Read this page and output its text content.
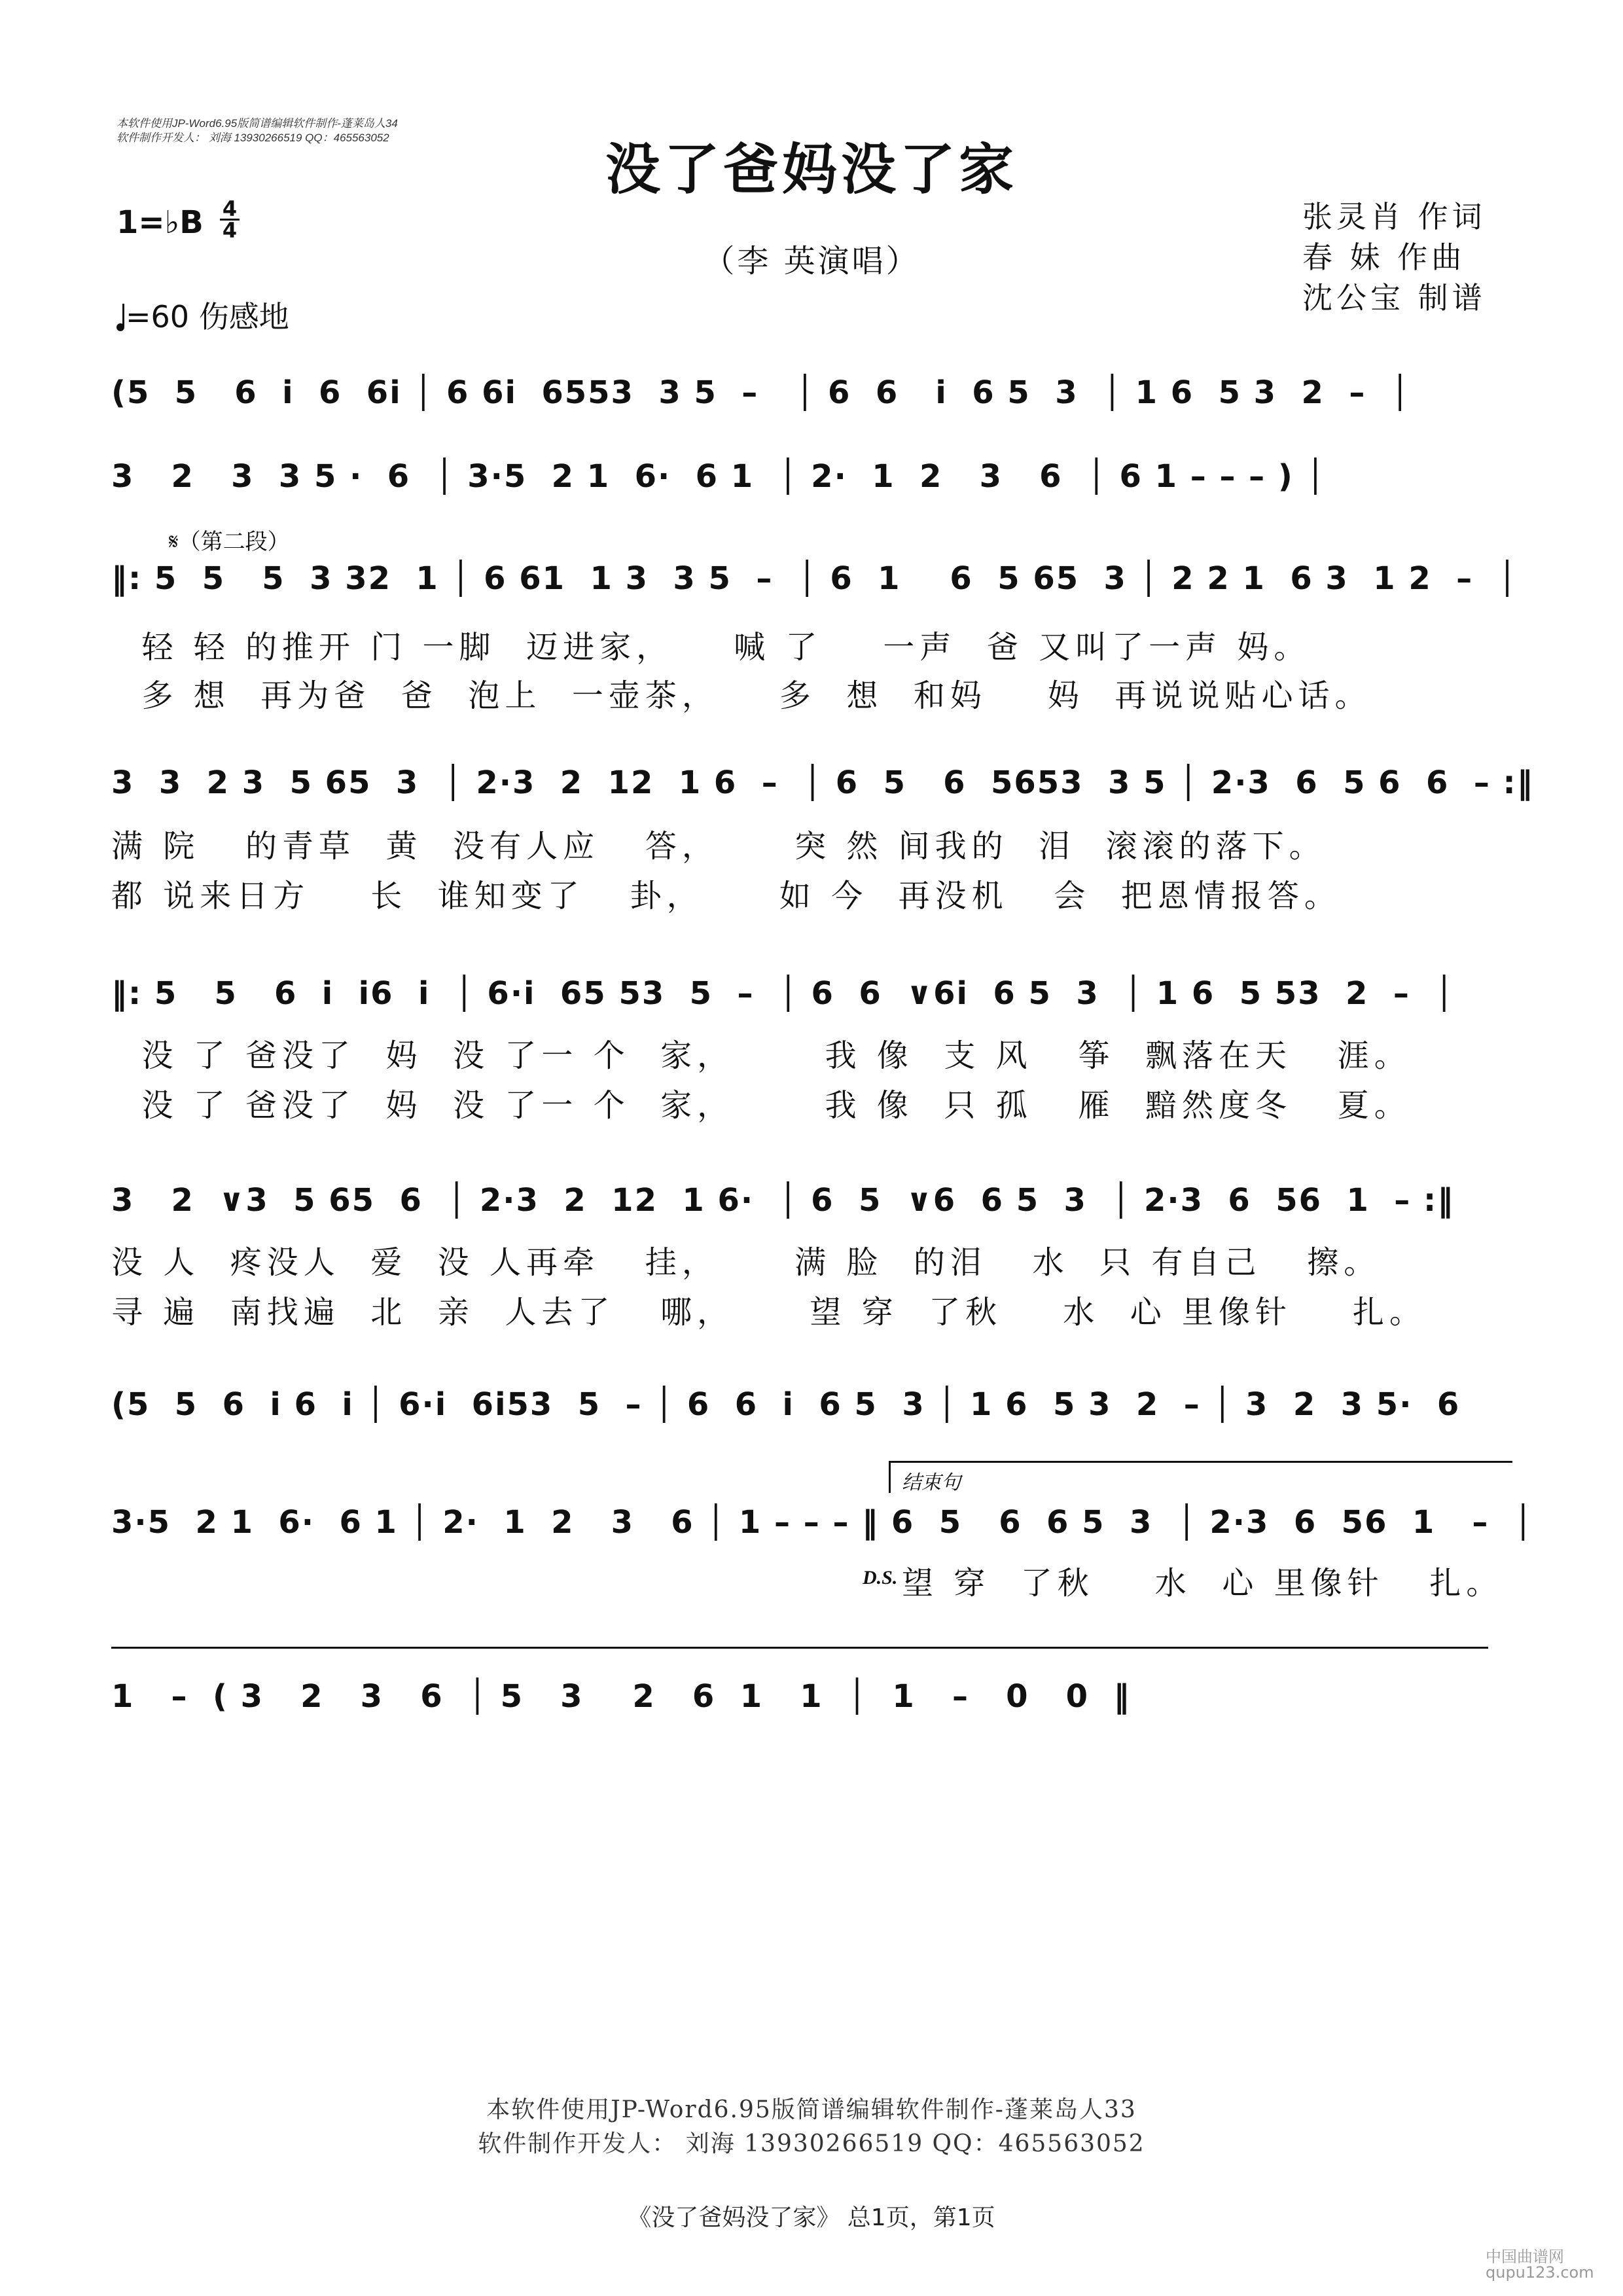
本软件使用JP-Word6.95版简谱编辑软件制作-蓬莱岛人34
软件制作开发人： 刘海 13930266519 QQ：465563052	没了爸妈没了家
（李 英演唱）
张灵肖 作词
春 妹 作曲
沈公宝 制谱
1=♭B 4
4
=60 伤感地
(5  5   6  i  6  6i │ 6 6i  6553  3 5  –   │ 6  6   i  6 5  3  │ 1 6  5 3  2  –  │
3   2   3  3 5 ·  6  │ 3·5  2 1  6·  6 1  │ 2·  1  2   3   6  │ 6 1 – – – ) │
𝄋（第二段）
‖: 5  5   5  3 32  1 │ 6 61  1 3  3 5  –  │ 6  1    6  5 65  3 │ 2 2 1  6 3  1 2  –  │
轻 轻 的推开 门 一脚  迈进家，    喊 了    一声  爸 又叫了一声 妈。
多 想  再为爸  爸  泡上  一壶茶，    多  想  和妈    妈  再说说贴心话。
3  3  2 3  5 65  3  │ 2·3  2  12  1 6  –  │ 6  5   6  5653  3 5 │ 2·3  6  5 6  6  – :‖
满 院   的青草  黄  没有人应   答，     突 然 间我的  泪  滚滚的落下。
都 说来日方    长  谁知变了   卦，     如 今  再没机   会  把恩情报答。
‖: 5   5   6  i  i6  i  │ 6·i  65 53  5  –  │ 6  6  ∨6i  6 5  3  │ 1 6  5 53  2  –  │
没 了 爸没了  妈  没 了一 个  家，      我 像  支 风   筝  飘落在天   涯。
没 了 爸没了  妈  没 了一 个  家，      我 像  只 孤   雁  黯然度冬   夏。
3   2  ∨3  5 65  6  │ 2·3  2  12  1 6·  │ 6  5  ∨6  6 5  3  │ 2·3  6  56  1  – :‖
没 人  疼没人  爱  没 人再牵   挂，     满 脸  的泪   水  只 有自己   擦。
寻 遍  南找遍  北  亲  人去了   哪，     望 穿  了秋    水  心 里像针    扎。
(5  5  6  i 6  i │ 6·i  6i53  5  – │ 6  6  i  6 5  3 │ 1 6  5 3  2  – │ 3  2  3 5·  6
结束句
3·5  2 1  6·  6 1 │ 2·  1  2   3   6 │ 1 – – – ‖ 6  5   6  6 5  3  │ 2·3  6  56  1   –  │
D.S. 望 穿  了秋    水  心 里像针   扎。
1   –  ( 3   2   3   6  │ 5   3    2   6  1   1  │  1   –   0   0  ‖
本软件使用JP-Word6.95版简谱编辑软件制作-蓬莱岛人33
软件制作开发人： 刘海 13930266519 QQ：465563052
《没了爸妈没了家》 总1页，第1页
中国曲谱网
qupu123.com
